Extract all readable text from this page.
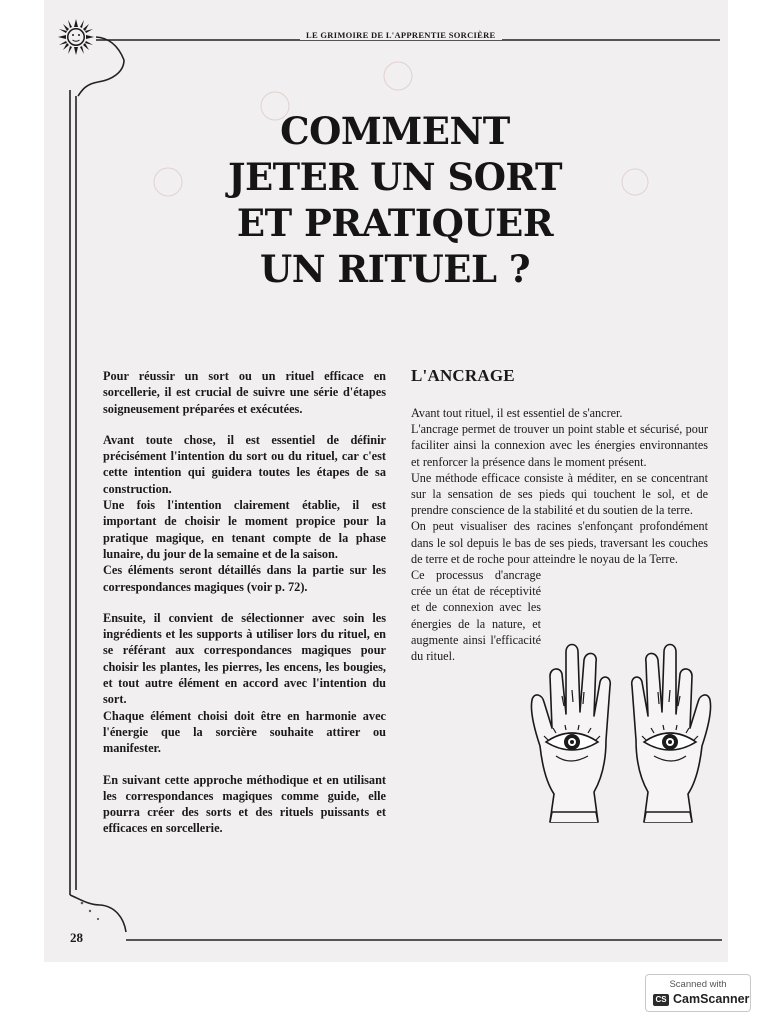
LE GRIMOIRE DE L'APPRENTIE SORCIÈRE
COMMENT
JETER UN SORT
ET PRATIQUER
UN RITUEL ?

Pour réussir un sort ou un rituel efficace en sorcellerie, il est crucial de suivre une série d'étapes soigneusement préparées et exécutées.

Avant toute chose, il est essentiel de définir précisément l'intention du sort ou du rituel, car c'est cette intention qui guidera toutes les étapes de sa construction.

Une fois l'intention clairement établie, il est important de choisir le moment propice pour la pratique magique, en tenant compte de la phase lunaire, du jour de la semaine et de la saison.

Ces éléments seront détaillés dans la partie sur les correspondances magiques (voir p. 72).

Ensuite, il convient de sélectionner avec soin les ingrédients et les supports à utiliser lors du rituel, en se référant aux correspondances magiques pour choisir les plantes, les pierres, les encens, les bougies, et tout autre élément en accord avec l'intention du sort.

Chaque élément choisi doit être en harmonie avec l'énergie que la sorcière souhaite attirer ou manifester.

En suivant cette approche méthodique et en utilisant les correspondances magiques comme guide, elle pourra créer des sorts et des rituels puissants et efficaces en sorcellerie.

L'ANCRAGE

Avant tout rituel, il est essentiel de s'ancrer.

L'ancrage permet de trouver un point stable et sécurisé, pour faciliter ainsi la connexion avec les énergies environnantes et renforcer la présence dans le moment présent.

Une méthode efficace consiste à méditer, en se concentrant sur la sensation de ses pieds qui touchent le sol, et de prendre conscience de la stabilité et du soutien de la terre.

On peut visualiser des racines s'enfonçant profondément dans le sol depuis le bas de ses pieds, traversant les couches de terre et de roche pour atteindre le noyau de la Terre.

Ce processus d'ancrage crée un état de réceptivité et de connexion avec les énergies de la nature, et augmente ainsi l'efficacité du rituel.

28
Scanned with
CS CamScanner
